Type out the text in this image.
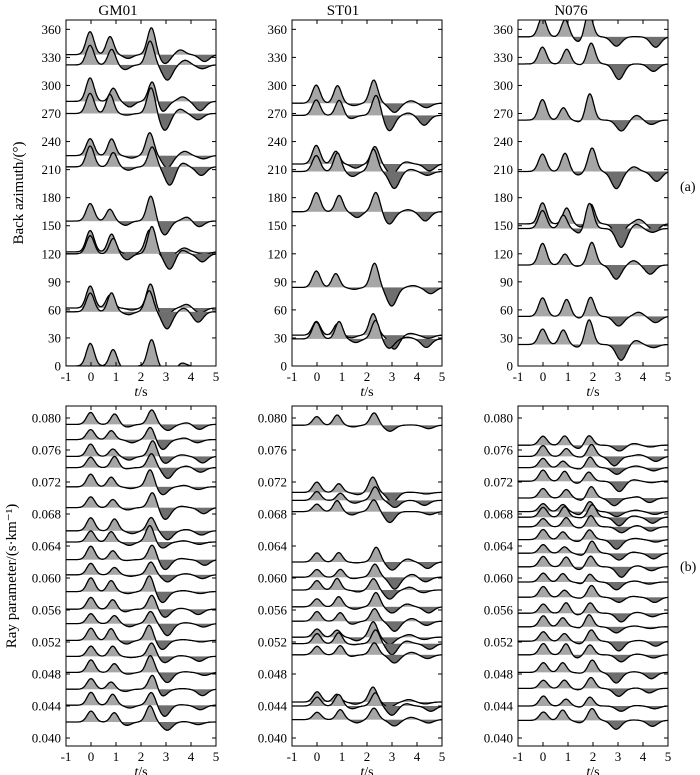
GM01	ST01	N076
(a)
(b)
-1 0 1 2 3 4 5
t/s
0
30
60
90
120
150
180
210
240
270
300
330
360
Back azimuth/(°)
-1 0 1 2 3 4 5
t/s
0
30
60
90
120
150
180
210
240
270
300
330
360
-1 0 1 2 3 4 5
t/s
0
30
60
90
120
150
180
210
240
270
300
330
360
-1 0 1 2 3 4 5
t/s
0.040
0.044
0.048
0.052
0.056
0.060
0.064
0.068
0.072
0.076
0.080
Ray parameter/(s·km⁻¹)
-1 0 1 2 3 4 5
t/s
0.040
0.044
0.048
0.052
0.056
0.060
0.064
0.068
0.072
0.076
0.080
-1 0 1 2 3 4 5
t/s
0.040
0.044
0.048
0.052
0.056
0.060
0.064
0.068
0.072
0.076
0.080
